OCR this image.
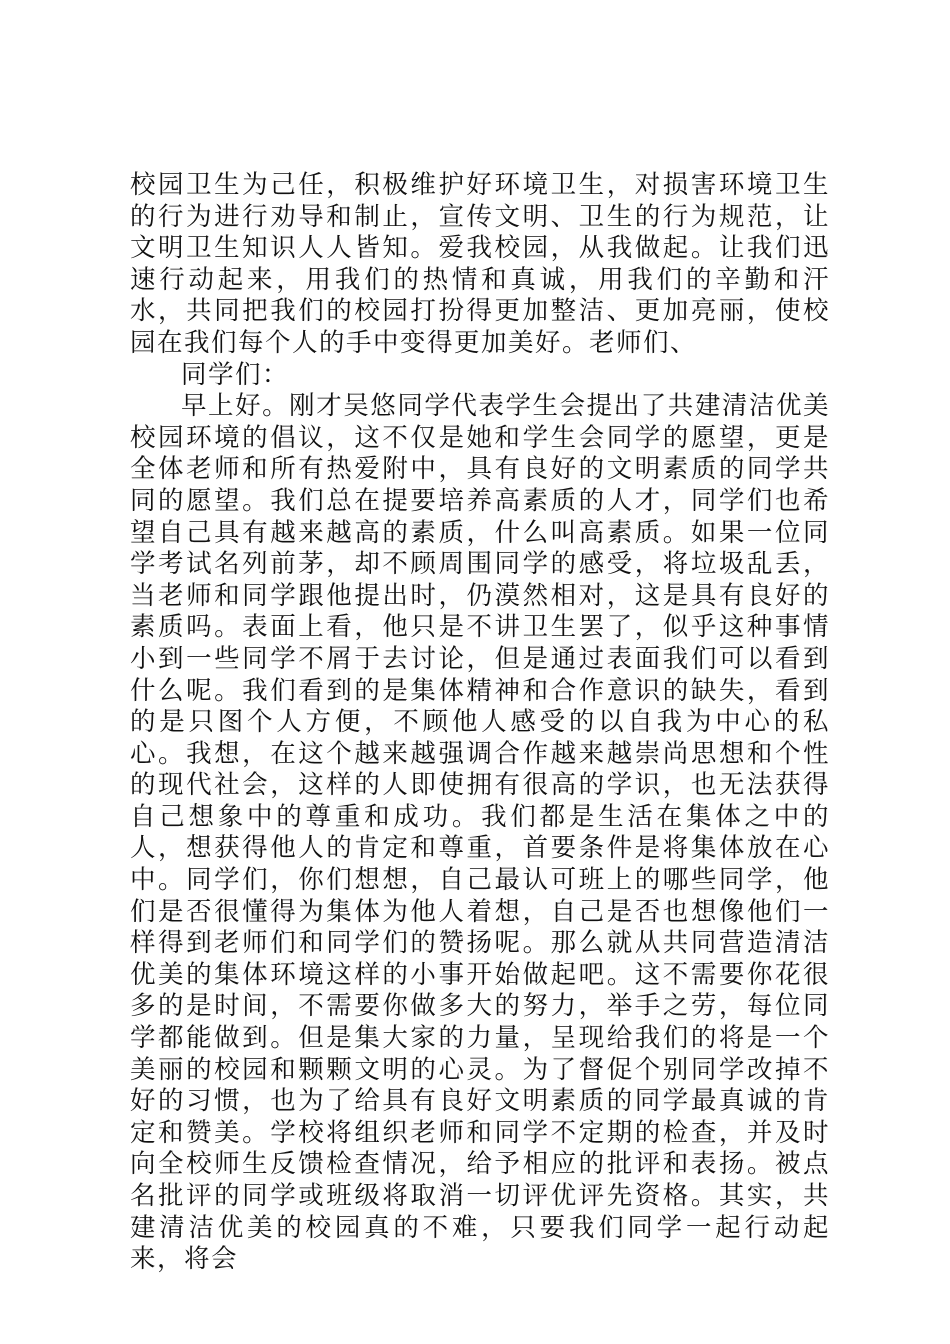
校园卫生为己任，积极维护好环境卫生，对损害环境卫生的行为进行劝导和制止，宣传文明、卫生的行为规范，让文明卫生知识人人皆知。爱我校园，从我做起。让我们迅速行动起来，用我们的热情和真诚，用我们的辛勤和汗水，共同把我们的校园打扮得更加整洁、更加亮丽，使校园在我们每个人的手中变得更加美好。老师们、

同学们：

早上好。刚才吴悠同学代表学生会提出了共建清洁优美校园环境的倡议，这不仅是她和学生会同学的愿望，更是全体老师和所有热爱附中，具有良好的文明素质的同学共同的愿望。我们总在提要培养高素质的人才，同学们也希望自己具有越来越高的素质，什么叫高素质。如果一位同学考试名列前茅，却不顾周围同学的感受，将垃圾乱丢，当老师和同学跟他提出时，仍漠然相对，这是具有良好的素质吗。表面上看，他只是不讲卫生罢了，似乎这种事情小到一些同学不屑于去讨论，但是通过表面我们可以看到什么呢。我们看到的是集体精神和合作意识的缺失，看到的是只图个人方便，不顾他人感受的以自我为中心的私心。我想，在这个越来越强调合作越来越崇尚思想和个性的现代社会，这样的人即使拥有很高的学识，也无法获得自己想象中的尊重和成功。我们都是生活在集体之中的人，想获得他人的肯定和尊重，首要条件是将集体放在心中。同学们，你们想想，自己最认可班上的哪些同学，他们是否很懂得为集体为他人着想，自己是否也想像他们一样得到老师们和同学们的赞扬呢。那么就从共同营造清洁优美的集体环境这样的小事开始做起吧。这不需要你花很多的是时间，不需要你做多大的努力，举手之劳，每位同学都能做到。但是集大家的力量，呈现给我们的将是一个美丽的校园和颗颗文明的心灵。为了督促个别同学改掉不好的习惯，也为了给具有良好文明素质的同学最真诚的肯定和赞美。学校将组织老师和同学不定期的检查，并及时向全校师生反馈检查情况，给予相应的批评和表扬。被点名批评的同学或班级将取消一切评优评先资格。其实，共建清洁优美的校园真的不难，只要我们同学一起行动起来，将会
